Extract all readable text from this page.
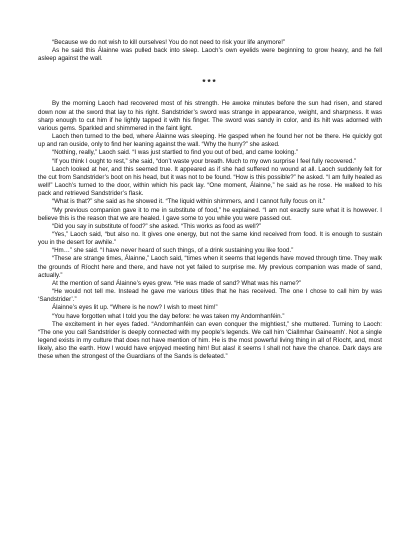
“Because we do not wish to kill ourselves! You do not need to risk your life anymore!”

As he said this Álainne was pulled back into sleep. Laoch’s own eyelids were beginning to grow heavy, and he fell asleep against the wall.

***

By the morning Laoch had recovered most of his strength. He awoke minutes before the sun had risen, and stared down now at the sword that lay to his right. Sandstrider’s sword was strange in appearance, weight, and sharpness. It was sharp enough to cut him if he lightly tapped it with his finger. The sword was sandy in color, and its hilt was adorned with various gems. Sparkled and shimmered in the faint light.

Laoch then turned to the bed, where Álainne was sleeping. He gasped when he found her not be there. He quickly got up and ran ouside, only to find her leaning against the wall. “Why the hurry?” she asked.

“Nothing, really,” Laoch said. “I was just startled to find you out of bed, and came looking.”

“If you think I ought to rest,” she said, “don’t waste your breath. Much to my own surprise I feel fully recovered.”

Laoch looked at her, and this seemed true. It appeared as if she had suffered no wound at all. Laoch suddenly felt for the cut from Sandstrider’s boot on his head, but it was not to be found. “How is this possible?” he asked. “I am fully healed as well!” Laoch’s turned to the door, within which his pack lay. “One moment, Álainne,” he said as he rose. He walked to his pack and retrieved Sandstrider’s flask.

“What is that?” she said as he showed it. “The liquid within shimmers, and I cannot fully focus on it.”

“My previous companion gave it to me in substitute of food,” he explained. “I am not exactly sure what it is however. I believe this is the reason that we are healed. I gave some to you while you were passed out.

“Did you say in substitute of food?” she asked. “This works as food as well?”

“Yes,” Laoch said, “but also no. It gives one energy, but not the same kind received from food. It is enough to sustain you in the desert for awhile.”

“Hm…” she said. “I have never heard of such things, of a drink sustaining you like food.”

“These are strange times, Álainne,” Laoch said, “times when it seems that legends have moved through time. They walk the grounds of Ríocht here and there, and have not yet failed to surprise me. My previous companion was made of sand, actually.”

At the mention of sand Álainne’s eyes grew. “He was made of sand? What was his name?”

“He would not tell me. Instead he gave me various titles that he has received. The one I chose to call him by was ‘Sandstrider’.”

Álainne’s eyes lit up. “Where is he now? I wish to meet him!”

“You have forgotten what I told you the day before: he was taken my Andomhanféin.”

The excitement in her eyes faded. “Andomhanféin can even conquer the mightiest,” she muttered. Turning to Laoch: “The one you call Sandstrider is deeply connected with my people’s legends. We call him ‘Ciallmhar Gaineamh’. Not a single legend exists in my culture that does not have mention of him. He is the most powerful living thing in all of Ríocht, and, most likely, also the earth. How I would have enjoyed meeting him! But alas! it seems I shall not have the chance. Dark days are these when the strongest of the Guardians of the Sands is defeated.”
